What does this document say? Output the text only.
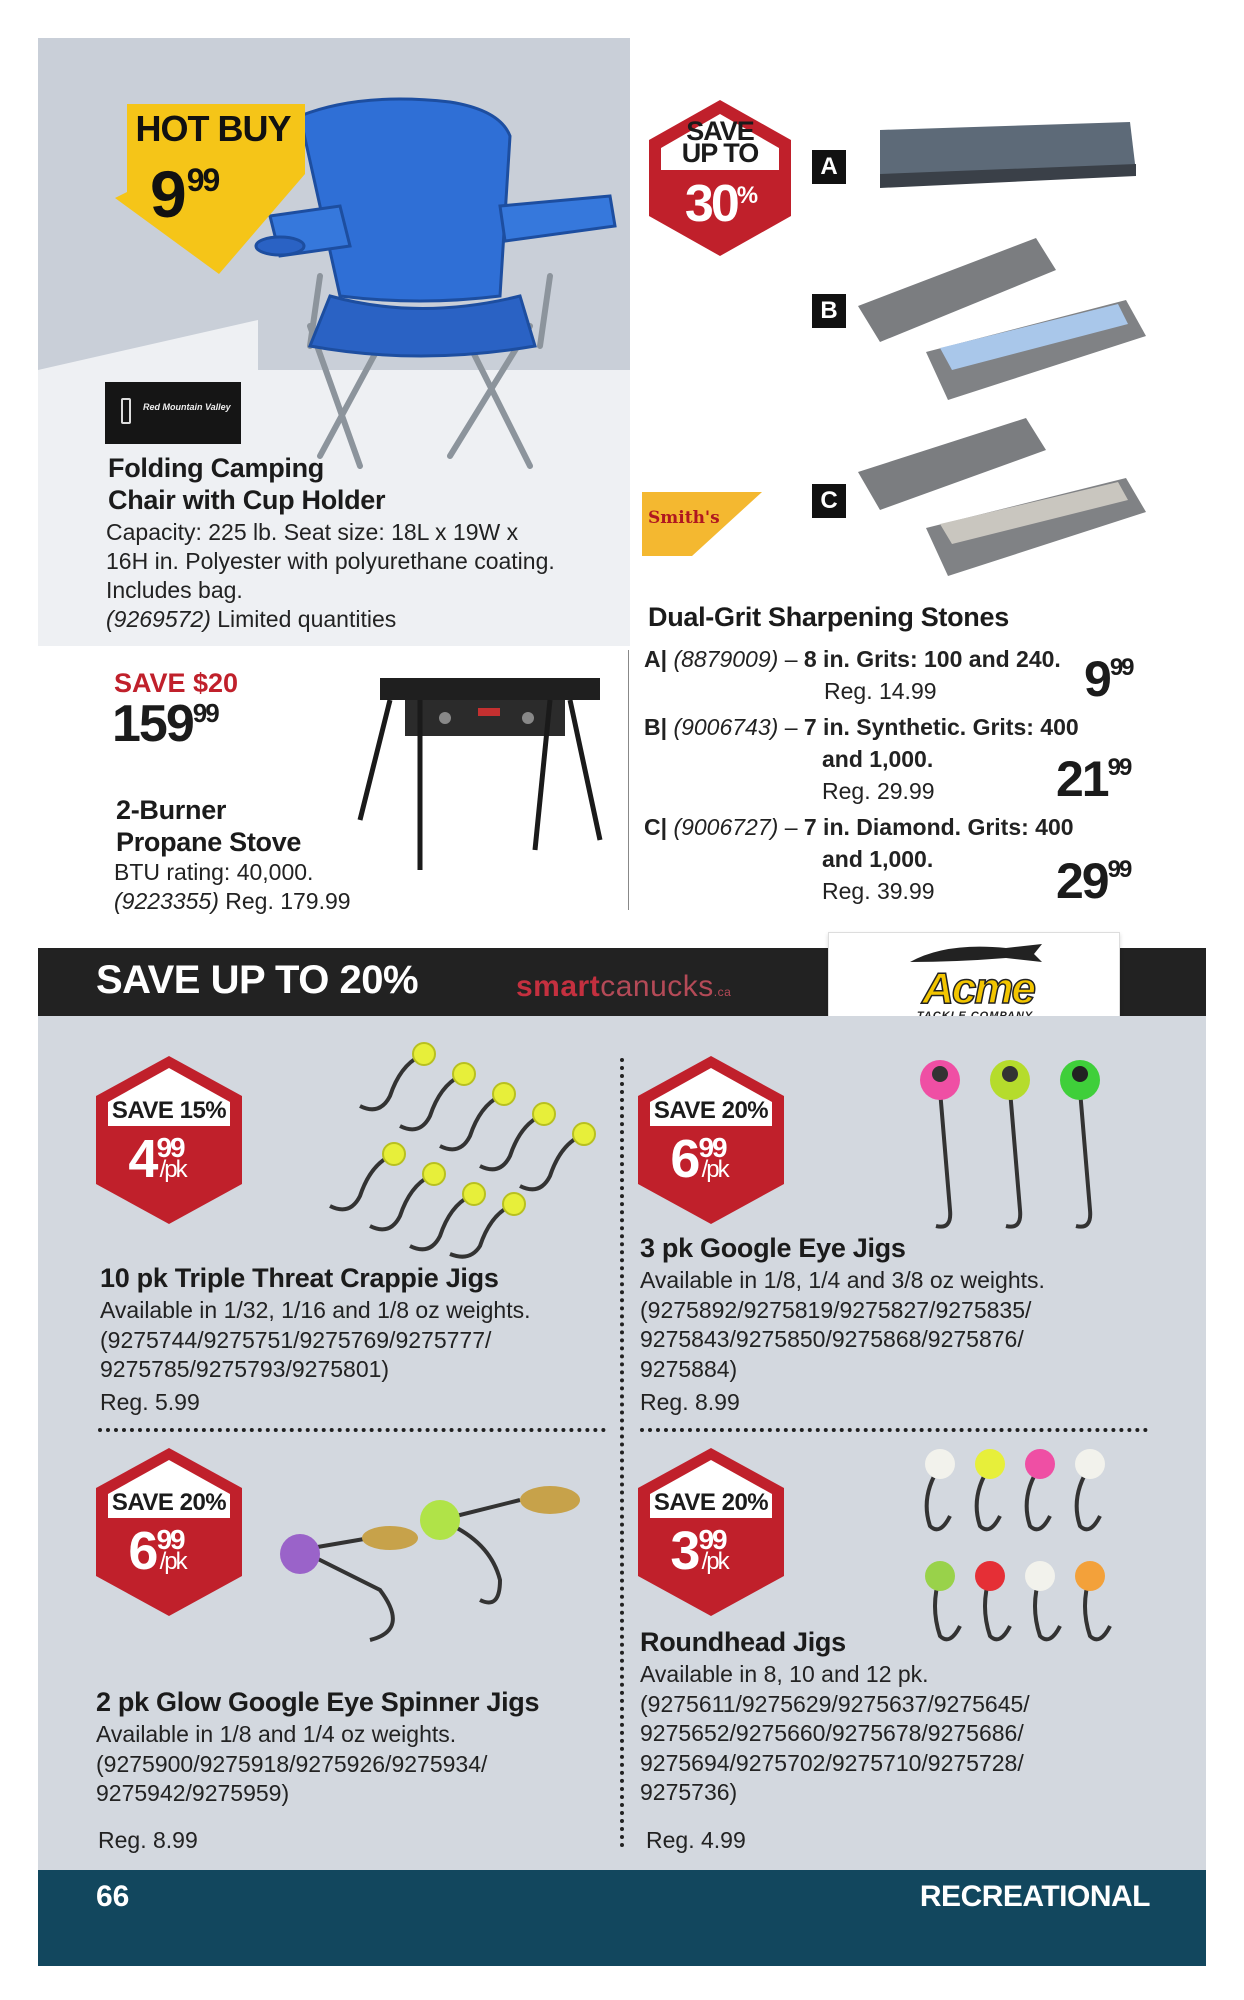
HOT BUY
$9^{99}$
Red Mountain Valley
Folding Camping
Chair with Cup Holder
Capacity: 225 lb. Seat size: 18L x 19W x
16H in. Polyester with polyurethane coating.
Includes bag.
(9269572) Limited quantities
SAVE $20
$159^{99}$
2-Burner
Propane Stove
BTU rating: 40,000.
(9223355) Reg. 179.99
SAVE
UP TO
30%
A
B
C
Smith's
Dual-Grit Sharpening Stones
A| (8879009) – 8 in. Grits: 100 and 240.
Reg. 14.99	$9^{99}$
B| (9006743) – 7 in. Synthetic. Grits: 400
and 1,000.
Reg. 29.99 $21^{99}$
C| (9006727) – 7 in. Diamond. Grits: 400
and 1,000.
Reg. 39.99 $29^{99}$
SAVE UP TO 20%	smartcanucks.ca	Acme
SAVE 15%
$4^{99}/pk$
SAVE 20%
$6^{99}/pk$
SAVE 20%
$6^{99}/pk$
SAVE 20%
$3^{99}/pk$
10 pk Triple Threat Crappie Jigs
Available in 1/32, 1/16 and 1/8 oz weights.
(9275744/9275751/9275769/9275777/
9275785/9275793/9275801)
Reg. 5.99
3 pk Google Eye Jigs
Available in 1/8, 1/4 and 3/8 oz weights.
(9275892/9275819/9275827/9275835/
9275843/9275850/9275868/9275876/
9275884)
Reg. 8.99
2 pk Glow Google Eye Spinner Jigs
Available in 1/8 and 1/4 oz weights.
(9275900/9275918/9275926/9275934/
9275942/9275959)
Reg. 8.99
Roundhead Jigs
Available in 8, 10 and 12 pk.
(9275611/9275629/9275637/9275645/
9275652/9275660/9275678/9275686/
9275694/9275702/9275710/9275728/
9275736)
Reg. 4.99
66	RECREATIONAL
